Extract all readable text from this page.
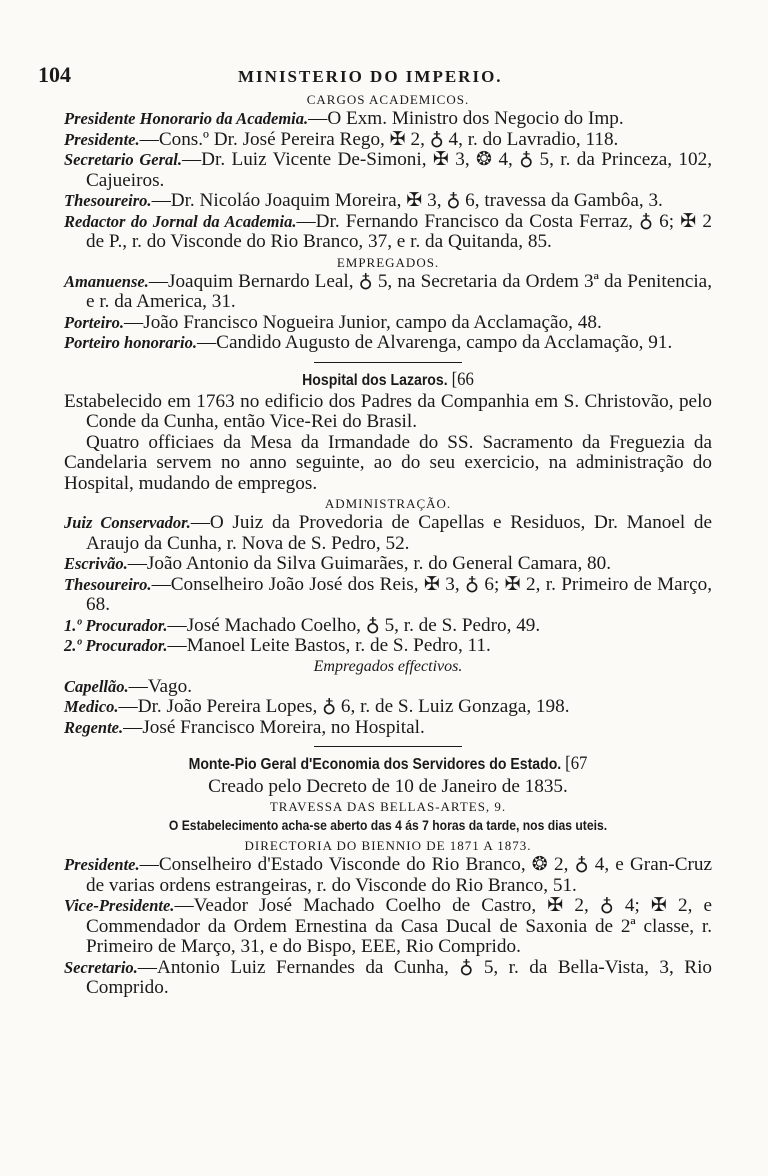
104	MINISTERIO DO IMPERIO.
CARGOS ACADEMICOS.
Presidente Honorario da Academia.—O Exm. Ministro dos Negocio do Imp.
Presidente.—Cons.º Dr. José Pereira Rego, ✠ 2, ♁ 4, r. do Lavradio, 118.
Secretario Geral.—Dr. Luiz Vicente De-Simoni, ✠ 3, ❂ 4, ♁ 5, r. da Princeza, 102, Cajueiros.
Thesoureiro.—Dr. Nicoláo Joaquim Moreira, ✠ 3, ♁ 6, travessa da Gambôa, 3.
Redactor do Jornal da Academia.—Dr. Fernando Francisco da Costa Ferraz, ♁ 6; ✠ 2 de P., r. do Visconde do Rio Branco, 37, e r. da Quitanda, 85.
EMPREGADOS.
Amanuense.—Joaquim Bernardo Leal, ♁ 5, na Secretaria da Ordem 3ª da Penitencia, e r. da America, 31.
Porteiro.—João Francisco Nogueira Junior, campo da Acclamação, 48.
Porteiro honorario.—Candido Augusto de Alvarenga, campo da Acclamação, 91.
Hospital dos Lazaros. [66
Estabelecido em 1763 no edificio dos Padres da Companhia em S. Christovão, pelo Conde da Cunha, então Vice-Rei do Brasil.
Quatro officiaes da Mesa da Irmandade do SS. Sacramento da Freguezia da Candelaria servem no anno seguinte, ao do seu exercicio, na administração do Hospital, mudando de empregos.
ADMINISTRAÇÃO.
Juiz Conservador.—O Juiz da Provedoria de Capellas e Residuos, Dr. Manoel de Araujo da Cunha, r. Nova de S. Pedro, 52.
Escrivão.—João Antonio da Silva Guimarães, r. do General Camara, 80.
Thesoureiro.—Conselheiro João José dos Reis, ✠ 3, ♁ 6; ✠ 2, r. Primeiro de Março, 68.
1.º Procurador.—José Machado Coelho, ♁ 5, r. de S. Pedro, 49.
2.º Procurador.—Manoel Leite Bastos, r. de S. Pedro, 11.
Empregados effectivos.
Capellão.—Vago.
Medico.—Dr. João Pereira Lopes, ♁ 6, r. de S. Luiz Gonzaga, 198.
Regente.—José Francisco Moreira, no Hospital.
Monte-Pio Geral d'Economia dos Servidores do Estado. [67
Creado pelo Decreto de 10 de Janeiro de 1835.
TRAVESSA DAS BELLAS-ARTES, 9.
O Estabelecimento acha-se aberto das 4 ás 7 horas da tarde, nos dias uteis.
DIRECTORIA DO BIENNIO DE 1871 A 1873.
Presidente.—Conselheiro d'Estado Visconde do Rio Branco, ❂ 2, ♁ 4, e Gran-Cruz de varias ordens estrangeiras, r. do Visconde do Rio Branco, 51.
Vice-Presidente.—Veador José Machado Coelho de Castro, ✠ 2, ♁ 4; ✠ 2, e Commendador da Ordem Ernestina da Casa Ducal de Saxonia de 2ª classe, r. Primeiro de Março, 31, e do Bispo, EEE, Rio Comprido.
Secretario.—Antonio Luiz Fernandes da Cunha, ♁ 5, r. da Bella-Vista, 3, Rio Comprido.
